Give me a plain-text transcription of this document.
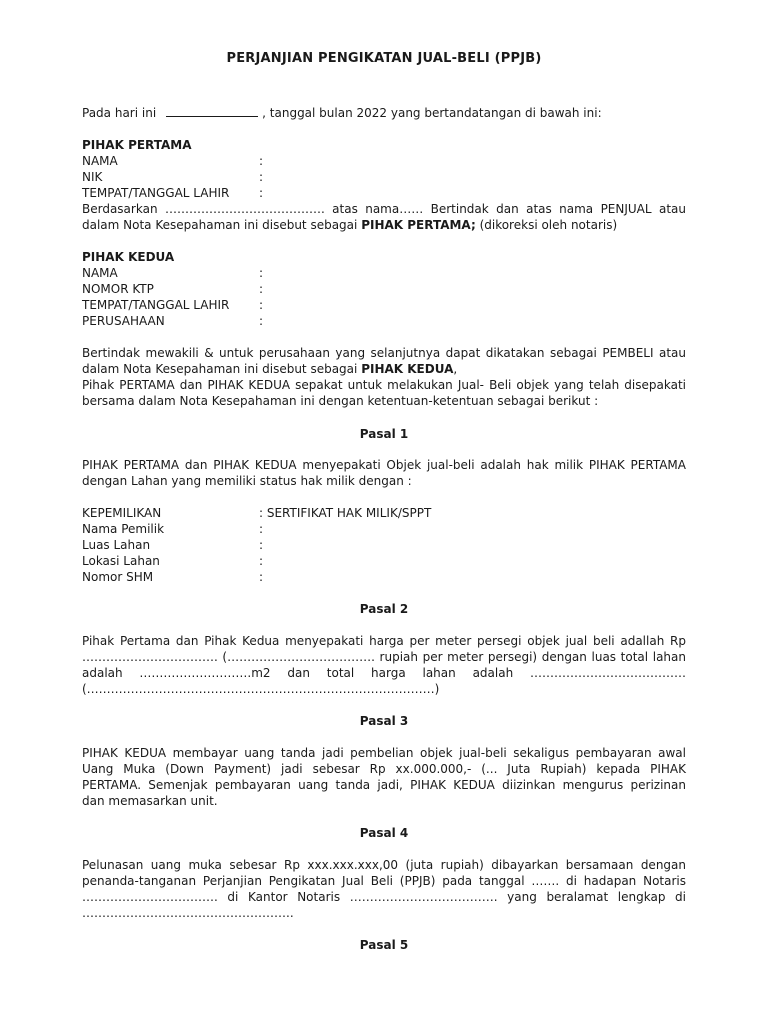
PERJANJIAN PENGIKATAN JUAL-BELI (PPJB)
Pada hari ini	, tanggal bulan 2022 yang bertandatangan di bawah ini:
PIHAK PERTAMA
NAMA	:
NIK	:
TEMPAT/TANGGAL LAHIR :
Berdasarkan …………………………………. atas nama…… Bertindak dan atas nama PENJUAL atau
dalam Nota Kesepahaman ini disebut sebagai PIHAK PERTAMA; (dikoreksi oleh notaris)
PIHAK KEDUA
NAMA	:
NOMOR KTP	:
TEMPAT/TANGGAL LAHIR :
PERUSAHAAN	:
Bertindak mewakili & untuk perusahaan yang selanjutnya dapat dikatakan sebagai PEMBELI atau
dalam Nota Kesepahaman ini disebut sebagai PIHAK KEDUA,
Pihak PERTAMA dan PIHAK KEDUA sepakat untuk melakukan Jual- Beli objek yang telah disepakati
bersama dalam Nota Kesepahaman ini dengan ketentuan-ketentuan sebagai berikut :
Pasal 1
PIHAK PERTAMA dan PIHAK KEDUA menyepakati Objek jual-beli adalah hak milik PIHAK PERTAMA
dengan Lahan yang memiliki status hak milik dengan :
KEPEMILIKAN	: SERTIFIKAT HAK MILIK/SPPT
Nama Pemilik	:
Luas Lahan	:
Lokasi Lahan	:
Nomor SHM	:
Pasal 2
Pihak Pertama dan Pihak Kedua menyepakati harga per meter persegi objek jual beli adallah Rp
……………………………. (………………………………. rupiah per meter persegi) dengan luas total lahan
adalah ……………………….m2 dan total harga lahan adalah …………………………………
(……………………………………………………………………………)
Pasal 3
PIHAK KEDUA membayar uang tanda jadi pembelian objek jual-beli sekaligus pembayaran awal
Uang Muka (Down Payment) jadi sebesar Rp xx.000.000,- (... Juta Rupiah) kepada PIHAK
PERTAMA. Semenjak pembayaran uang tanda jadi, PIHAK KEDUA diizinkan mengurus perizinan
dan memasarkan unit.
Pasal 4
Pelunasan uang muka sebesar Rp xxx.xxx.xxx,00 (juta rupiah) dibayarkan bersamaan dengan
penanda-tanganan Perjanjian Pengikatan Jual Beli (PPJB) pada tanggal ……. di hadapan Notaris
……………………………. di Kantor Notaris ………………………………. yang beralamat lengkap di
……………………………………………..
Pasal 5
